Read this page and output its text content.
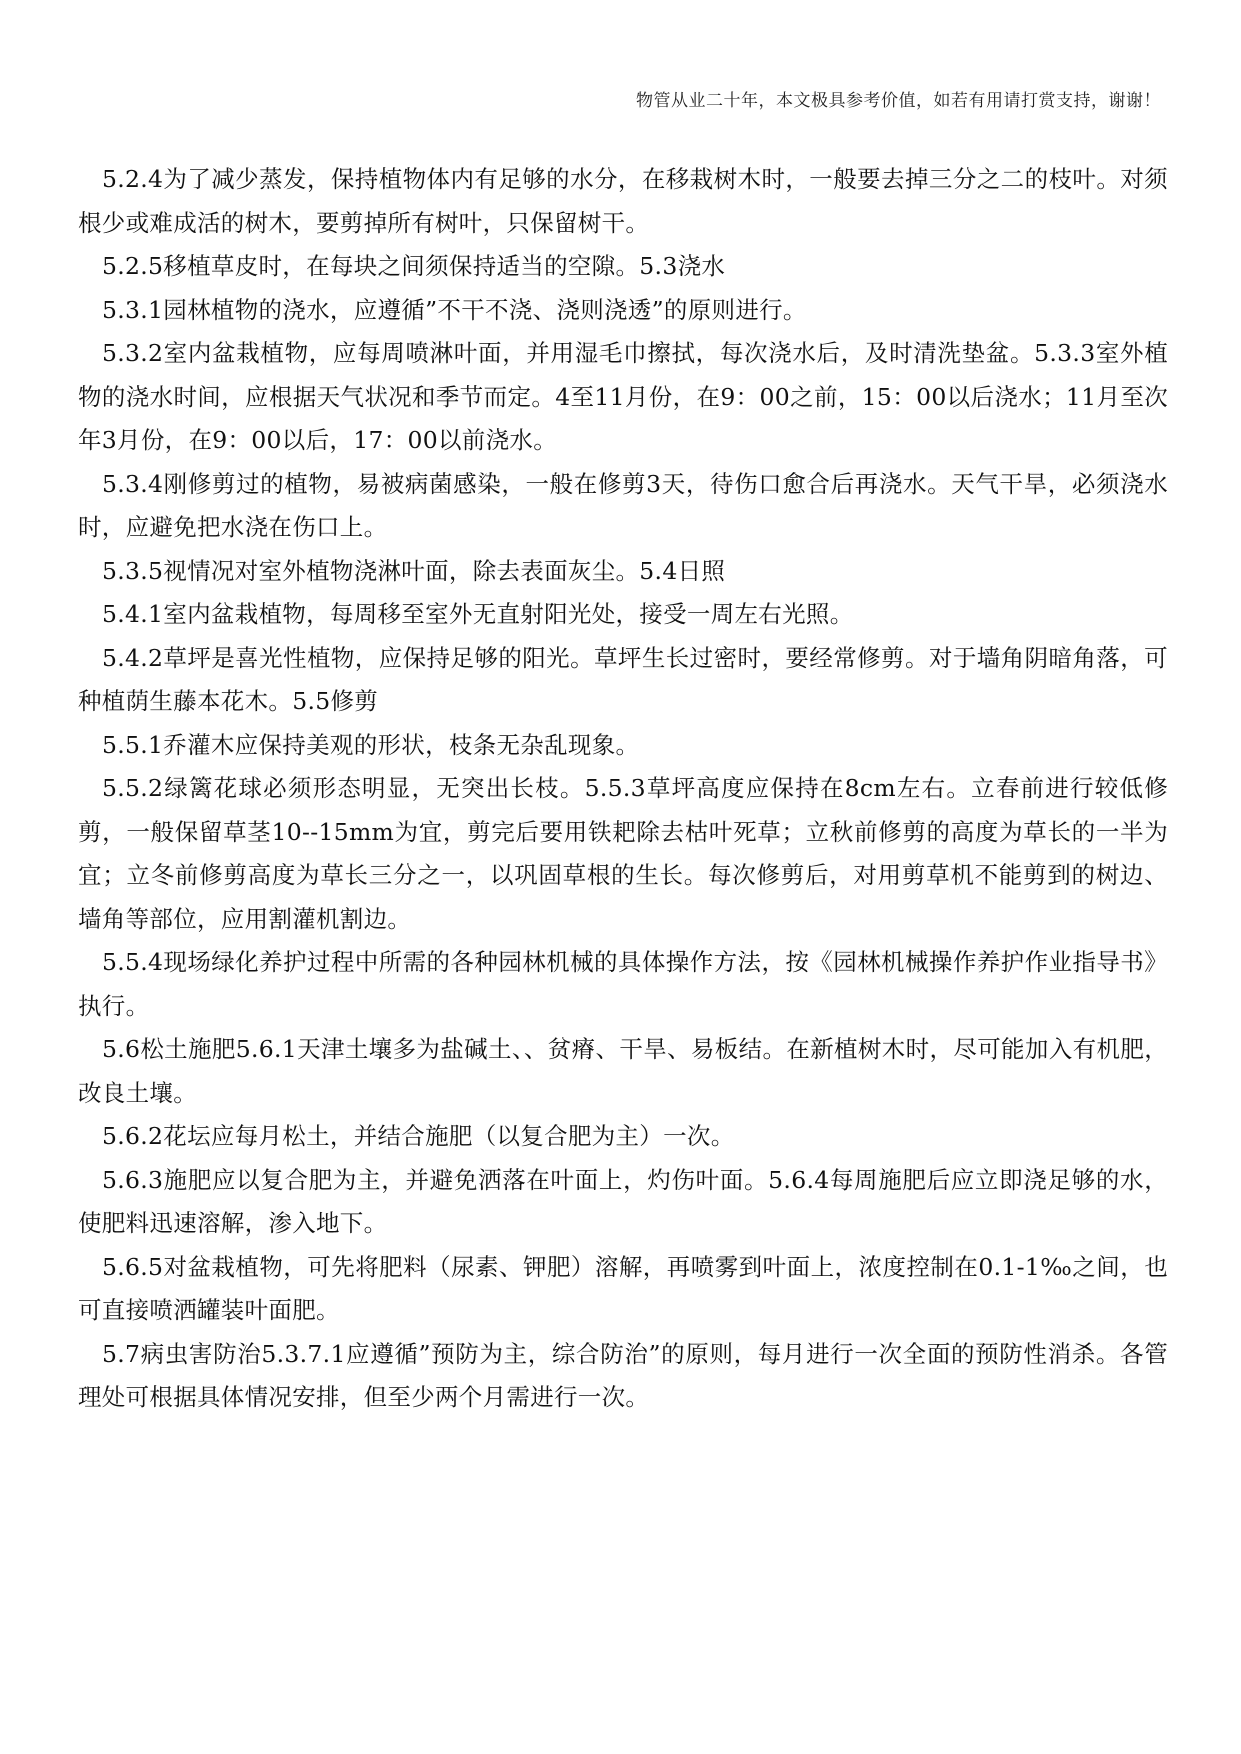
物管从业二十年，本文极具参考价值，如若有用请打赏支持，谢谢！

5.2.4为了减少蒸发，保持植物体内有足够的水分，在移栽树木时，一般要去掉三分之二的枝叶。对须根少或难成活的树木，要剪掉所有树叶，只保留树干。

5.2.5移植草皮时，在每块之间须保持适当的空隙。5.3浇水

5.3.1园林植物的浇水，应遵循”不干不浇、浇则浇透”的原则进行。

5.3.2室内盆栽植物，应每周喷淋叶面，并用湿毛巾擦拭，每次浇水后，及时清洗垫盆。5.3.3室外植物的浇水时间，应根据天气状况和季节而定。4至11月份，在9：00之前，15：00以后浇水；11月至次年3月份，在9：00以后，17：00以前浇水。

5.3.4刚修剪过的植物，易被病菌感染，一般在修剪3天，待伤口愈合后再浇水。天气干旱，必须浇水时，应避免把水浇在伤口上。

5.3.5视情况对室外植物浇淋叶面，除去表面灰尘。5.4日照

5.4.1室内盆栽植物，每周移至室外无直射阳光处，接受一周左右光照。

5.4.2草坪是喜光性植物，应保持足够的阳光。草坪生长过密时，要经常修剪。对于墙角阴暗角落，可种植荫生藤本花木。5.5修剪

5.5.1乔灌木应保持美观的形状，枝条无杂乱现象。

5.5.2绿篱花球必须形态明显，无突出长枝。5.5.3草坪高度应保持在8cm左右。立春前进行较低修剪，一般保留草茎10--15mm为宜，剪完后要用铁耙除去枯叶死草；立秋前修剪的高度为草长的一半为宜；立冬前修剪高度为草长三分之一，以巩固草根的生长。每次修剪后，对用剪草机不能剪到的树边、墙角等部位，应用割灌机割边。

5.5.4现场绿化养护过程中所需的各种园林机械的具体操作方法，按《园林机械操作养护作业指导书》执行。

5.6松土施肥5.6.1天津土壤多为盐碱土、、贫瘠、干旱、易板结。在新植树木时，尽可能加入有机肥，改良土壤。

5.6.2花坛应每月松土，并结合施肥（以复合肥为主）一次。

5.6.3施肥应以复合肥为主，并避免洒落在叶面上，灼伤叶面。5.6.4每周施肥后应立即浇足够的水，使肥料迅速溶解，渗入地下。

5.6.5对盆栽植物，可先将肥料（尿素、钾肥）溶解，再喷雾到叶面上，浓度控制在0.1-1‰之间，也可直接喷洒罐装叶面肥。

5.7病虫害防治5.3.7.1应遵循”预防为主，综合防治”的原则，每月进行一次全面的预防性消杀。各管理处可根据具体情况安排，但至少两个月需进行一次。
